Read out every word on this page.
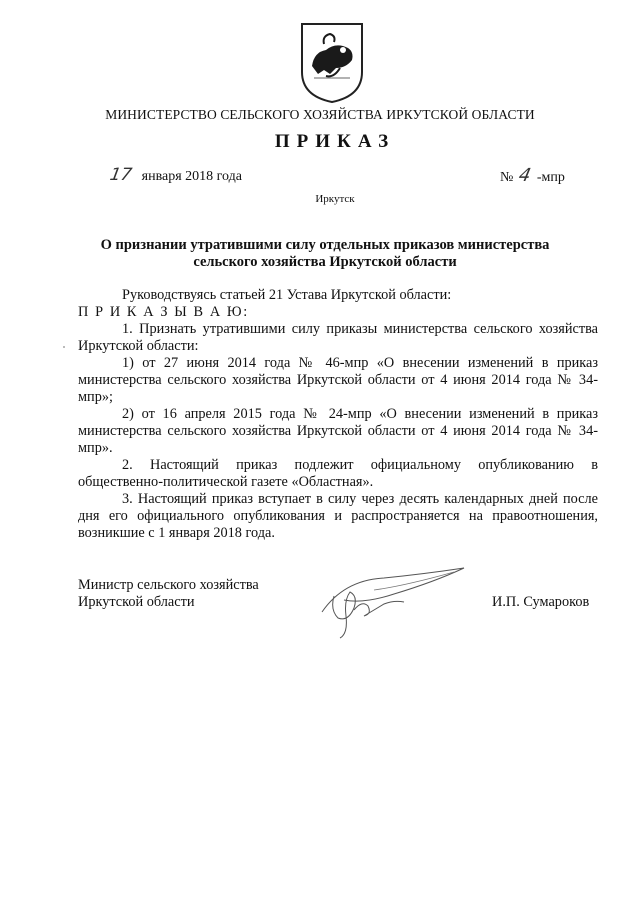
МИНИСТЕРСТВО СЕЛЬСКОГО ХОЗЯЙСТВА ИРКУТСКОЙ ОБЛАСТИ
ПРИКАЗ
17 января 2018 года	№ 4 -мпр
Иркутск
О признании утратившими силу отдельных приказов министерства сельского хозяйства Иркутской области

Руководствуясь статьей 21 Устава Иркутской области:

П Р И К А З Ы В А Ю:

1. Признать утратившими силу приказы министерства сельского хозяйства Иркутской области:

1) от 27 июня 2014 года № 46-мпр «О внесении изменений в приказ министерства сельского хозяйства Иркутской области от 4 июня 2014 года № 34-мпр»;

2) от 16 апреля 2015 года № 24-мпр «О внесении изменений в приказ министерства сельского хозяйства Иркутской области от 4 июня 2014 года № 34-мпр».

2. Настоящий приказ подлежит официальному опубликованию в общественно-политической газете «Областная».

3. Настоящий приказ вступает в силу через десять календарных дней после дня его официального опубликования и распространяется на правоотношения, возникшие с 1 января 2018 года.

Министр сельского хозяйства
Иркутской области	И.П. Сумароков
